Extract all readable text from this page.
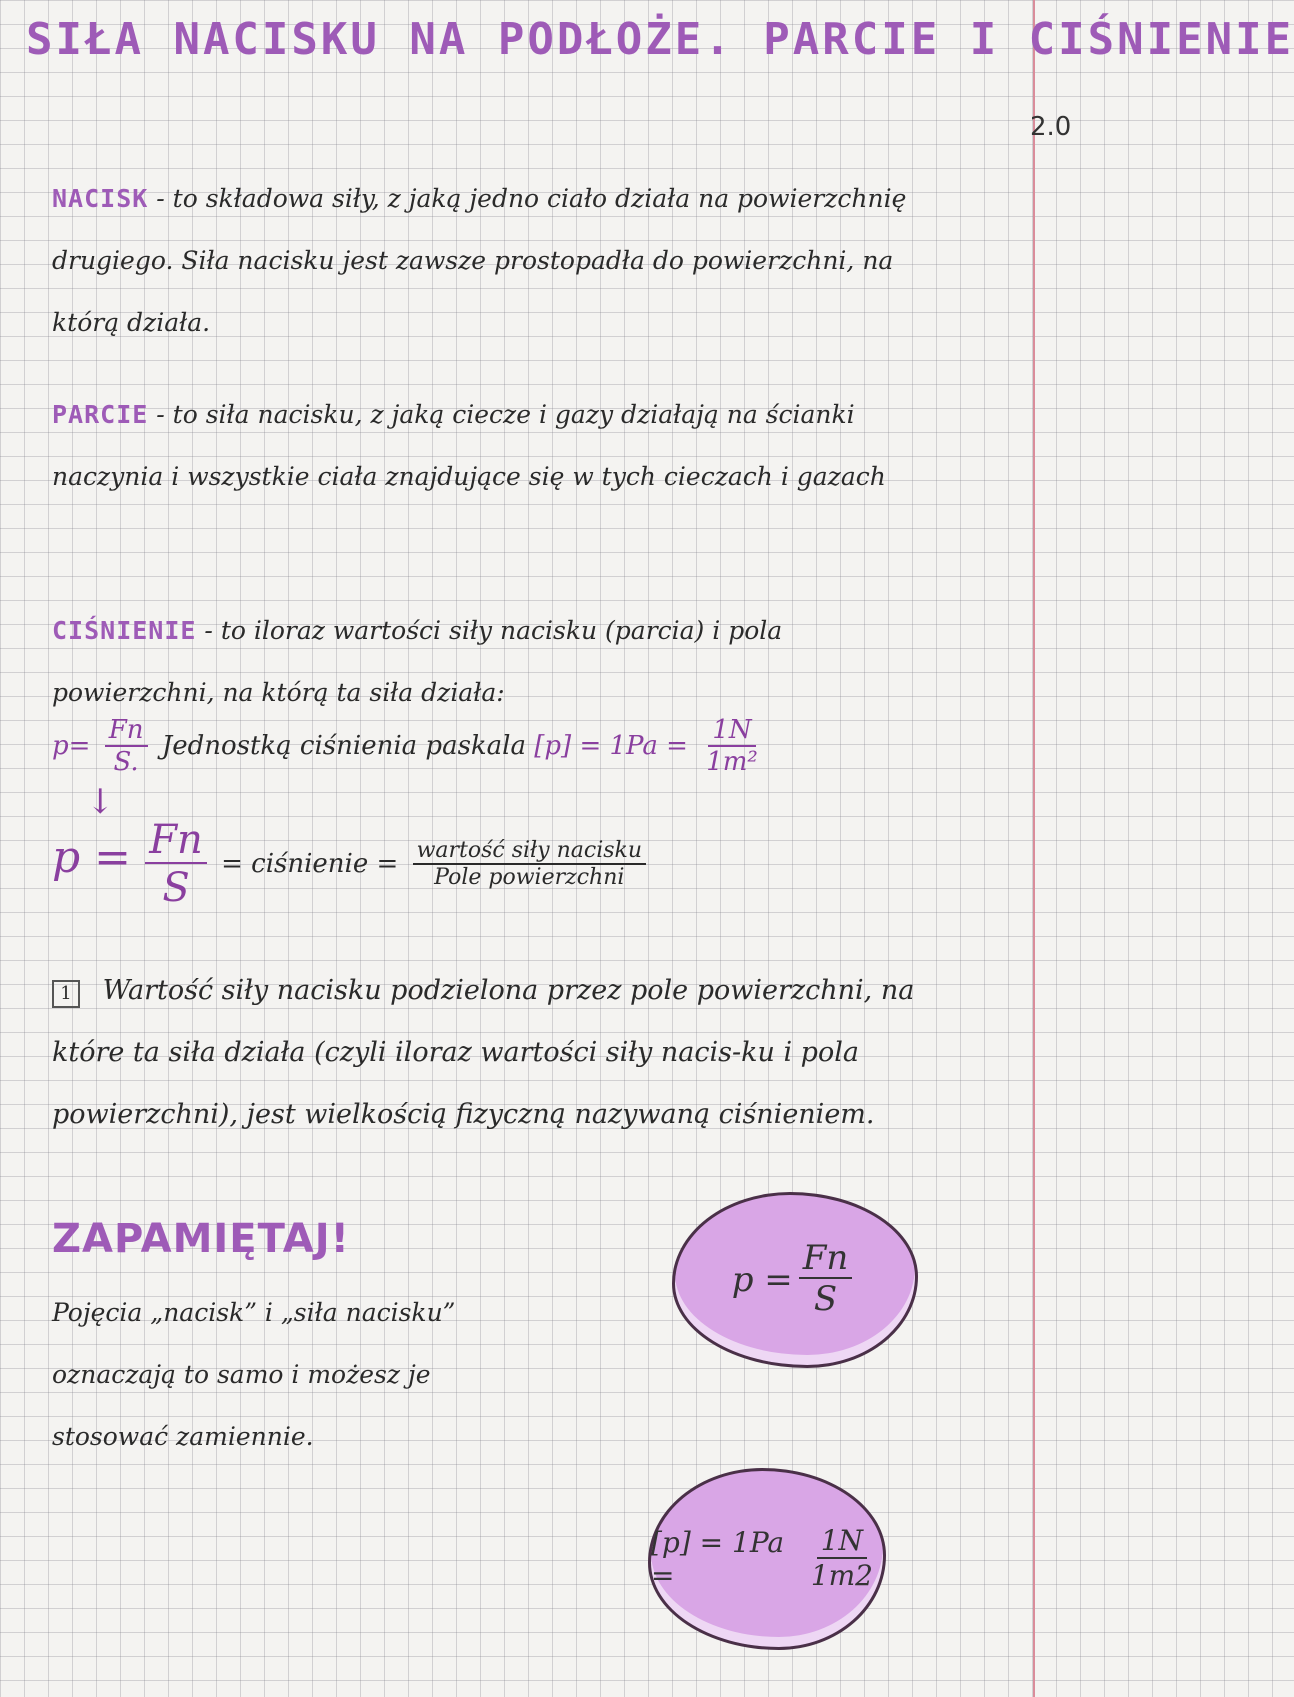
SIŁA NACISKU NA PODŁOŻE. PARCIE I CIŚNIENIE
2.0
NACISK - to składowa siły, z jaką jedno ciało działa na powierzchnię drugiego. Siła nacisku jest zawsze prostopadła do powierzchni, na którą działa.
PARCIE - to siła nacisku, z jaką ciecze i gazy działają na ścianki naczynia i wszystkie ciała znajdujące się w tych cieczach i gazach
CIŚNIENIE - to iloraz wartości siły nacisku (parcia) i pola powierzchni, na którą ta siła działa:
$p= \frac{Fn}{S.}$ Jednostką ciśnienia paskala $[p] = 1Pa = \frac{1N}{\text{1m²}}$
↓
$p = \frac{Fn}{S}$ = ciśnienie = $\frac{\text{wartość siły nacisku}}{\text{Pole powierzchni}}$
1 Wartość siły nacisku podzielona przez pole powierzchni, na które ta siła działa (czyli iloraz wartości siły nacis-ku i pola powierzchni), jest wielkością fizyczną nazywaną ciśnieniem.
ZAPAMIĘTAJ!
Pojęcia „nacisk” i „siła nacisku” oznaczają to samo i możesz je stosować zamiennie.
$p = \frac{Fn}{S}$
[p] = 1Pa =	$\frac{1N}{1m2}$
